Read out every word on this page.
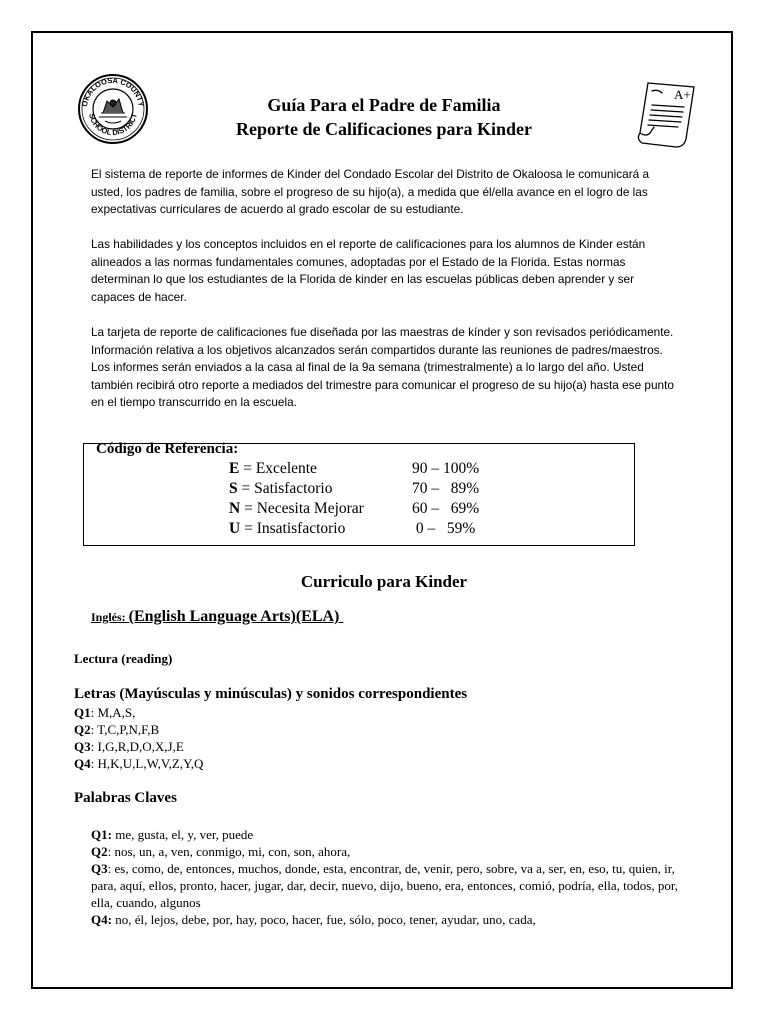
OKALOOSA COUNTY
SCHOOL DISTRICT
A+
Guía Para el Padre de Familia
Reporte de Calificaciones para Kinder
El sistema de reporte de informes de Kinder del Condado Escolar del Distrito de Okaloosa le comunicará a usted, los padres de familia, sobre el progreso de su hijo(a), a medida que él/ella avance en el logro de las expectativas curriculares de acuerdo al grado escolar de su estudiante.
Las habilidades y los conceptos incluidos en el reporte de calificaciones para los alumnos de Kinder están alineados a las normas fundamentales comunes, adoptadas por el Estado de la Florida. Estas normas determinan lo que los estudiantes de la Florida de kinder en las escuelas públicas deben aprender y ser capaces de hacer.
La tarjeta de reporte de calificaciones fue diseñada por las maestras de kínder y son revisados periódicamente. Información relativa a los objetivos alcanzados serán compartidos durante las reuniones de padres/maestros. Los informes serán enviados a la casa al final de la 9a semana (trimestralmente) a lo largo del año. Usted también recibirá otro reporte a mediados del trimestre para comunicar el progreso de su hijo(a) hasta ese punto en el tiempo transcurrido en la escuela.
Código de Referencia:
E = Excelente	90 – 100%
S = Satisfactorio	70 –   89%
N = Necesita Mejorar	60 –   69%
U = Insatisfactorio	0 –   59%
Curriculo para Kinder
Inglés: (English Language Arts)(ELA)
Lectura (reading)
Letras (Mayúsculas y minúsculas) y sonidos correspondientes
Q1: M,A,S,
Q2: T,C,P,N,F,B
Q3: I,G,R,D,O,X,J,E
Q4: H,K,U,L,W,V,Z,Y,Q
Palabras Claves
Q1: me, gusta, el, y, ver, puede
Q2: nos, un, a, ven, conmigo, mi, con, son, ahora,
Q3: es, como, de, entonces, muchos, donde, esta, encontrar, de, venir, pero, sobre, va a, ser, en, eso, tu, quien, ir, para, aquí, ellos, pronto, hacer, jugar, dar, decir, nuevo, dijo, bueno, era, entonces, comió, podría, ella, todos, por, ella, cuando, algunos
Q4: no, él, lejos, debe, por, hay, poco, hacer, fue, sólo, poco, tener, ayudar, uno, cada,
